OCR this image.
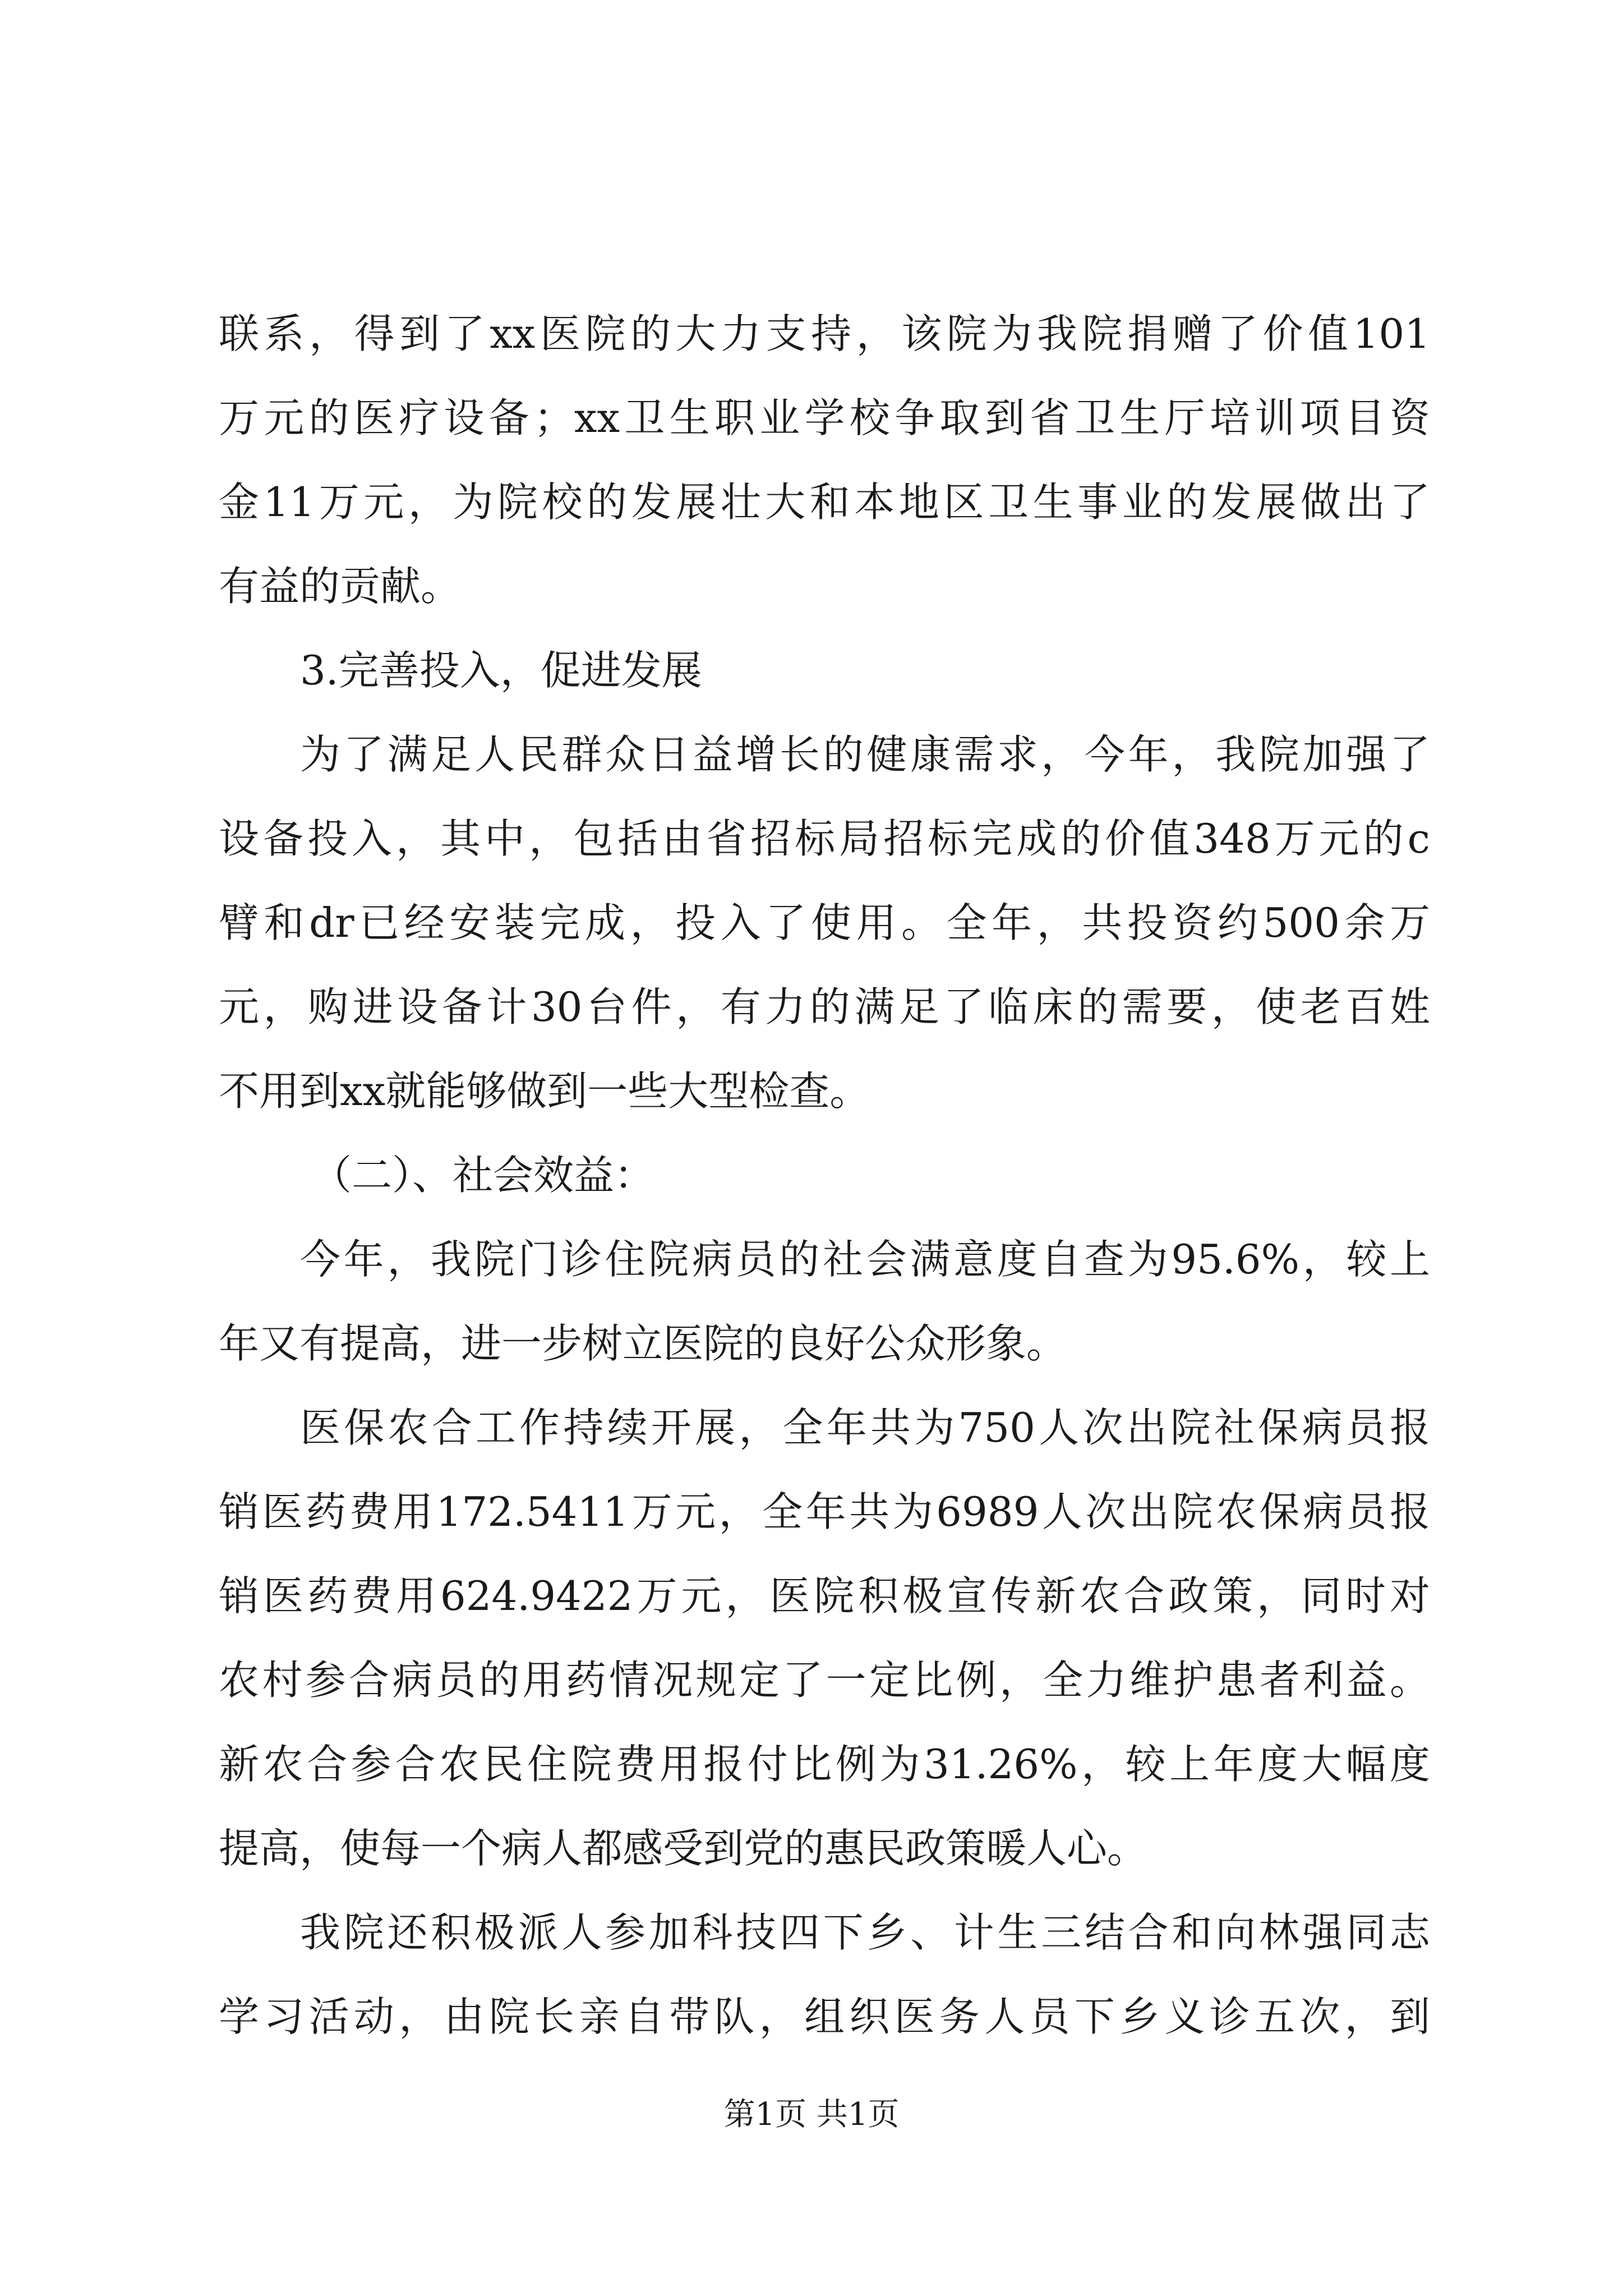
联系，得到了xx医院的大力支持，该院为我院捐赠了价值101
万元的医疗设备；xx卫生职业学校争取到省卫生厅培训项目资
金11万元，为院校的发展壮大和本地区卫生事业的发展做出了
有益的贡献。
3.完善投入，促进发展
为了满足人民群众日益增长的健康需求，今年，我院加强了
设备投入，其中，包括由省招标局招标完成的价值348万元的c
臂和dr已经安装完成，投入了使用。全年，共投资约500余万
元，购进设备计30台件，有力的满足了临床的需要，使老百姓
不用到xx就能够做到一些大型检查。
（二）、社会效益：
今年，我院门诊住院病员的社会满意度自查为95.6%，较上
年又有提高，进一步树立医院的良好公众形象。
医保农合工作持续开展，全年共为750人次出院社保病员报
销医药费用172.5411万元，全年共为6989人次出院农保病员报
销医药费用624.9422万元，医院积极宣传新农合政策，同时对
农村参合病员的用药情况规定了一定比例，全力维护患者利益。
新农合参合农民住院费用报付比例为31.26%，较上年度大幅度
提高，使每一个病人都感受到党的惠民政策暖人心。
我院还积极派人参加科技四下乡、计生三结合和向林强同志
学习活动，由院长亲自带队，组织医务人员下乡义诊五次，到
第1页 共1页
